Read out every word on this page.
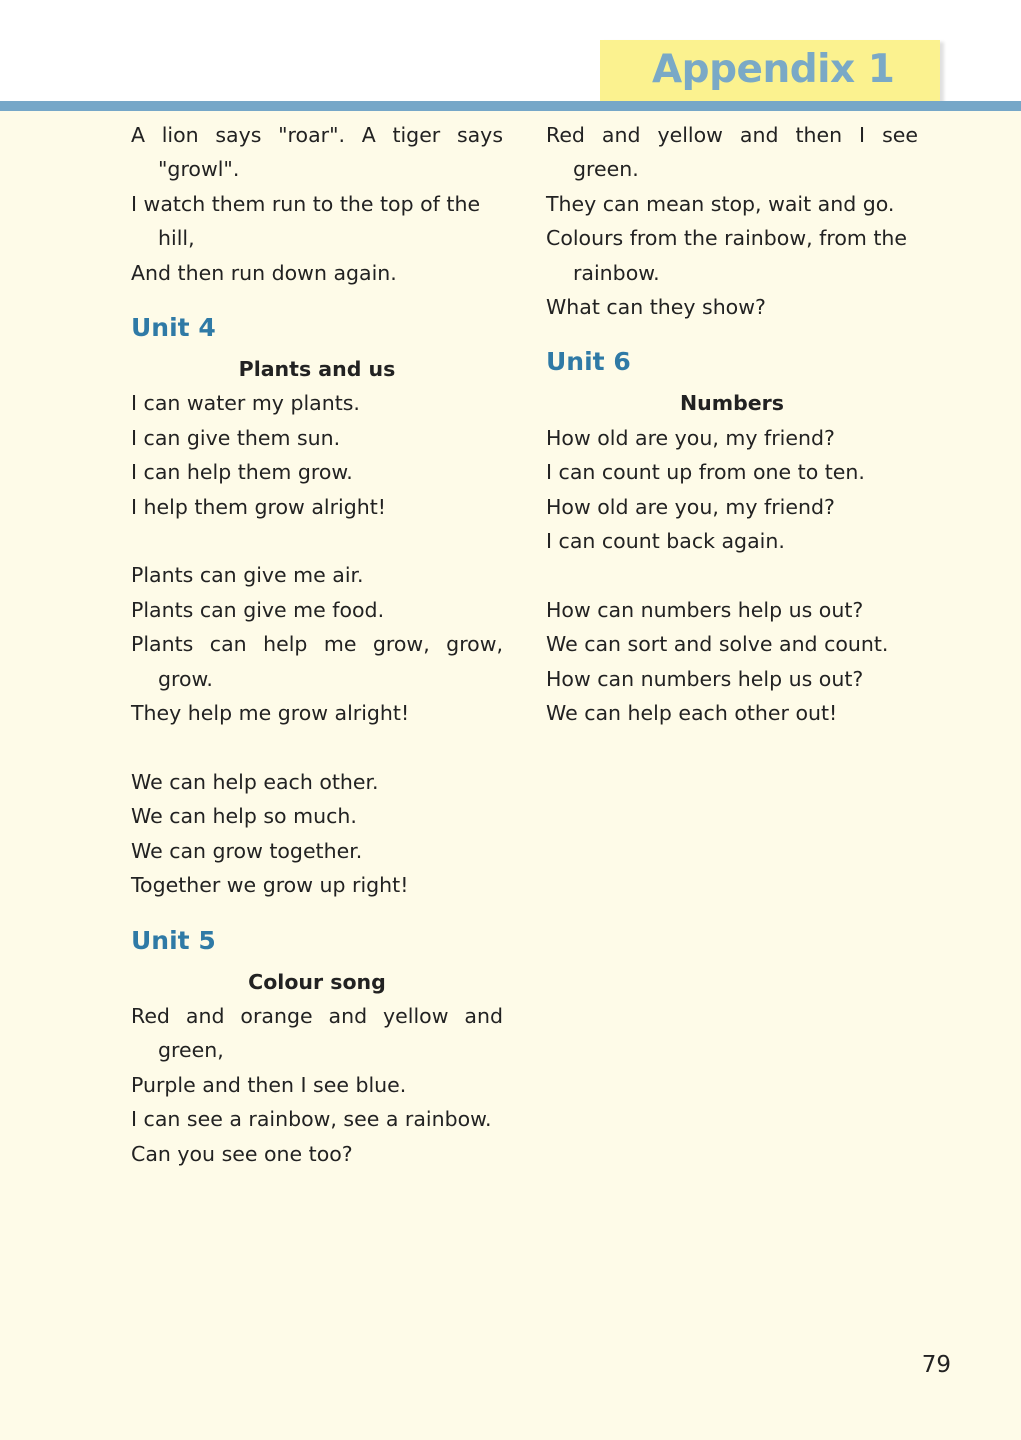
Appendix 1

A lion says "roar". A tiger says "growl".

I watch them run to the top of the hill,

And then run down again.

Unit 4

Plants and us

I can water my plants.

I can give them sun.

I can help them grow.

I help them grow alright!

Plants can give me air.

Plants can give me food.

Plants can help me grow, grow, grow.

They help me grow alright!

We can help each other.

We can help so much.

We can grow together.

Together we grow up right!

Unit 5

Colour song

Red and orange and yellow and green,

Purple and then I see blue.

I can see a rainbow, see a rainbow.

Can you see one too?

Red and yellow and then I see green.

They can mean stop, wait and go.

Colours from the rainbow, from the rainbow.

What can they show?

Unit 6

Numbers

How old are you, my friend?

I can count up from one to ten.

How old are you, my friend?

I can count back again.

How can numbers help us out?

We can sort and solve and count.

How can numbers help us out?

We can help each other out!

79
